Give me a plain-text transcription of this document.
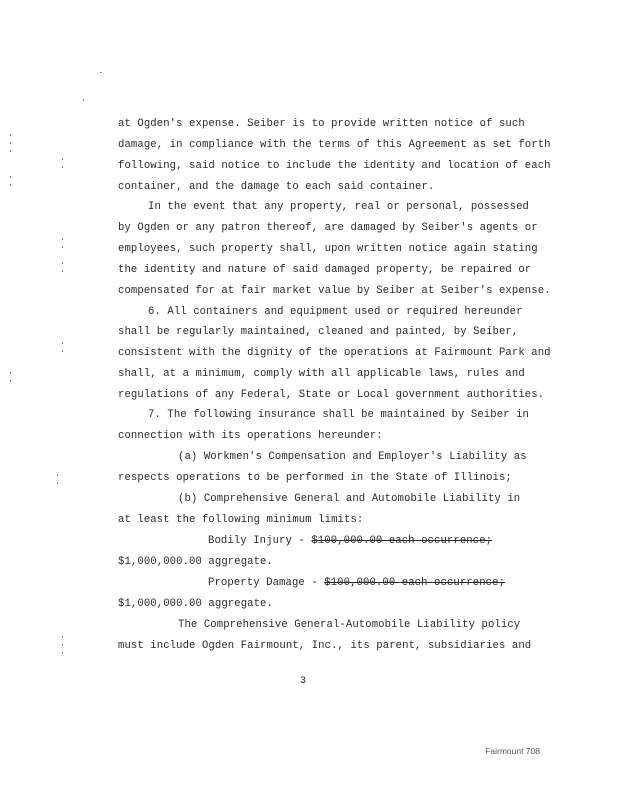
at Ogden's expense. Seiber is to provide written notice of such
damage, in compliance with the terms of this Agreement as set forth
following, said notice to include the identity and location of each
container, and the damage to each said container.
In the event that any property, real or personal, possessed
by Ogden or any patron thereof, are damaged by Seiber's agents or
employees, such property shall, upon written notice again stating
the identity and nature of said damaged property, be repaired or
compensated for at fair market value by Seiber at Seiber's expense.
6. All containers and equipment used or required hereunder
shall be regularly maintained, cleaned and painted, by Seiber,
consistent with the dignity of the operations at Fairmount Park and
shall, at a minimum, comply with all applicable laws, rules and
regulations of any Federal, State or Local government authorities.
7. The following insurance shall be maintained by Seiber in
connection with its operations hereunder:
(a) Workmen's Compensation and Employer's Liability as
respects operations to be performed in the State of Illinois;
(b) Comprehensive General and Automobile Liability in
at least the following minimum limits:
Bodily Injury - $100,000.00 each occurrence;
$1,000,000.00 aggregate.
Property Damage - $100,000.00 each occurrence;
$1,000,000.00 aggregate.
The Comprehensive General-Automobile Liability policy
must include Ogden Fairmount, Inc., its parent, subsidiaries and
3
Fairmount 708
